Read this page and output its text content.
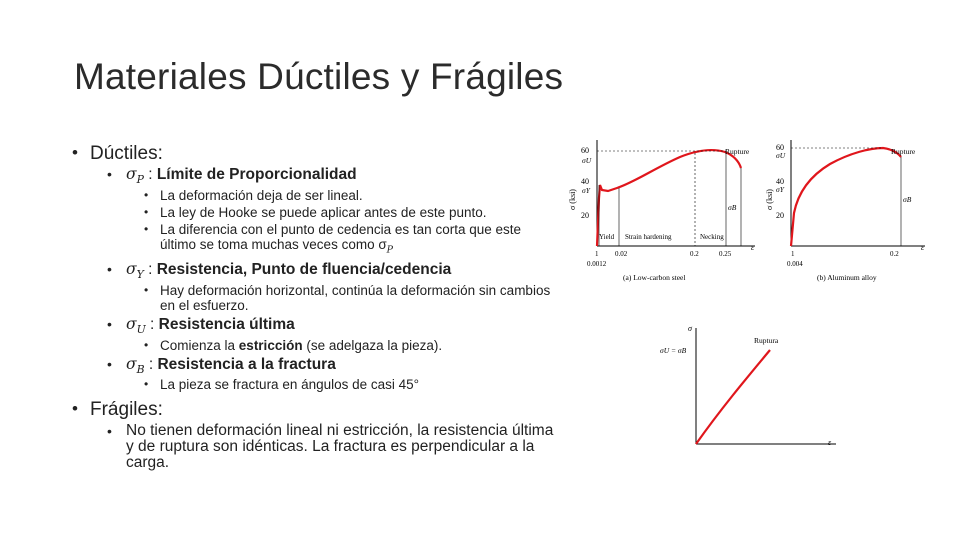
Materiales Dúctiles y Frágiles
• Dúctiles:
• $\sigma_P$ : Límite de Proporcionalidad
• La deformación deja de ser lineal.
• La ley de Hooke se puede aplicar antes de este punto.
• La diferencia con el punto de cedencia es tan corta que este último se toma muchas veces como $\sigma_P$
• $\sigma_Y$ : Resistencia, Punto de fluencia/cedencia
• Hay deformación horizontal, continúa la deformación sin cambios en el esfuerzo.
• $\sigma_U$ : Resistencia última
• Comienza la estricción (se adelgaza la pieza).
• $\sigma_B$ : Resistencia a la fractura
• La pieza se fractura en ángulos de casi 45°
• Frágiles:
• No tienen deformación lineal ni estricción, la resistencia última y de ruptura son idénticas. La fractura es perpendicular a la carga.
60
40
20
σU
σY
σ (ksi)
Rupture
σB
Yield Strain hardening	Necking
1
0.0012
0.02	0.2	0.25
ε
(a) Low-carbon steel
60
40
20
σU
σY
σ (ksi)
Rupture
σB
1
0.004
0.2
ε
(b) Aluminum alloy
σ
σU = σB
Ruptura
ε
